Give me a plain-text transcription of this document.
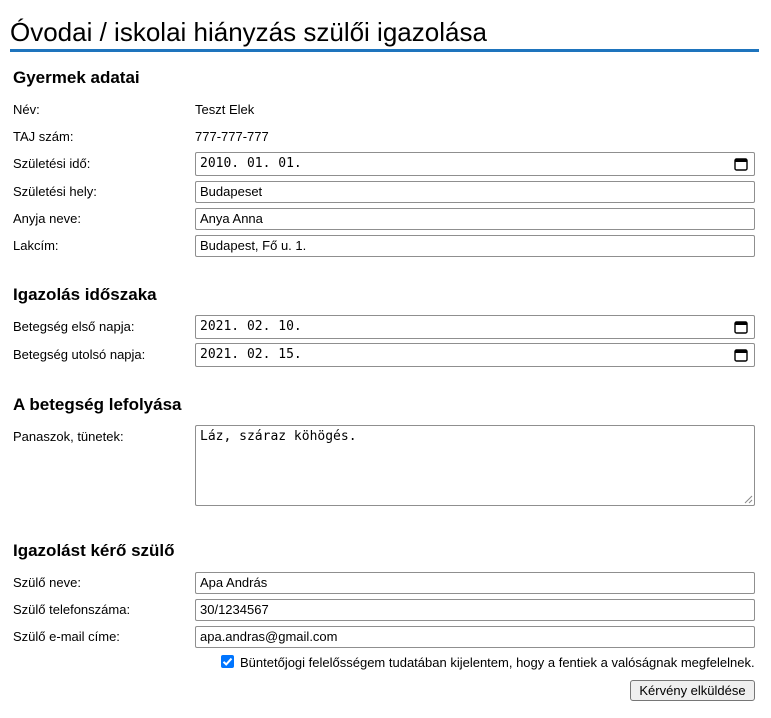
Óvodai / iskolai hiányzás szülői igazolása
Gyermek adatai
Név:	Teszt Elek
TAJ szám:	777-777-777
Születési idő:	2010. 01. 01.
Születési hely:	Budapeset
Anyja neve:	Anya Anna
Lakcím:	Budapest, Fő u. 1.
Igazolás időszaka
Betegség első napja:	2021. 02. 10.
Betegség utolsó napja:	2021. 02. 15.
A betegség lefolyása
Panaszok, tünetek:
Láz, száraz köhögés.
Igazolást kérő szülő
Szülő neve:	Apa András
Szülő telefonszáma:	30/1234567
Szülő e-mail címe:	apa.andras@gmail.com
Büntetőjogi felelősségem tudatában kijelentem, hogy a fentiek a valóságnak megfelelnek.
Kérvény elküldése
